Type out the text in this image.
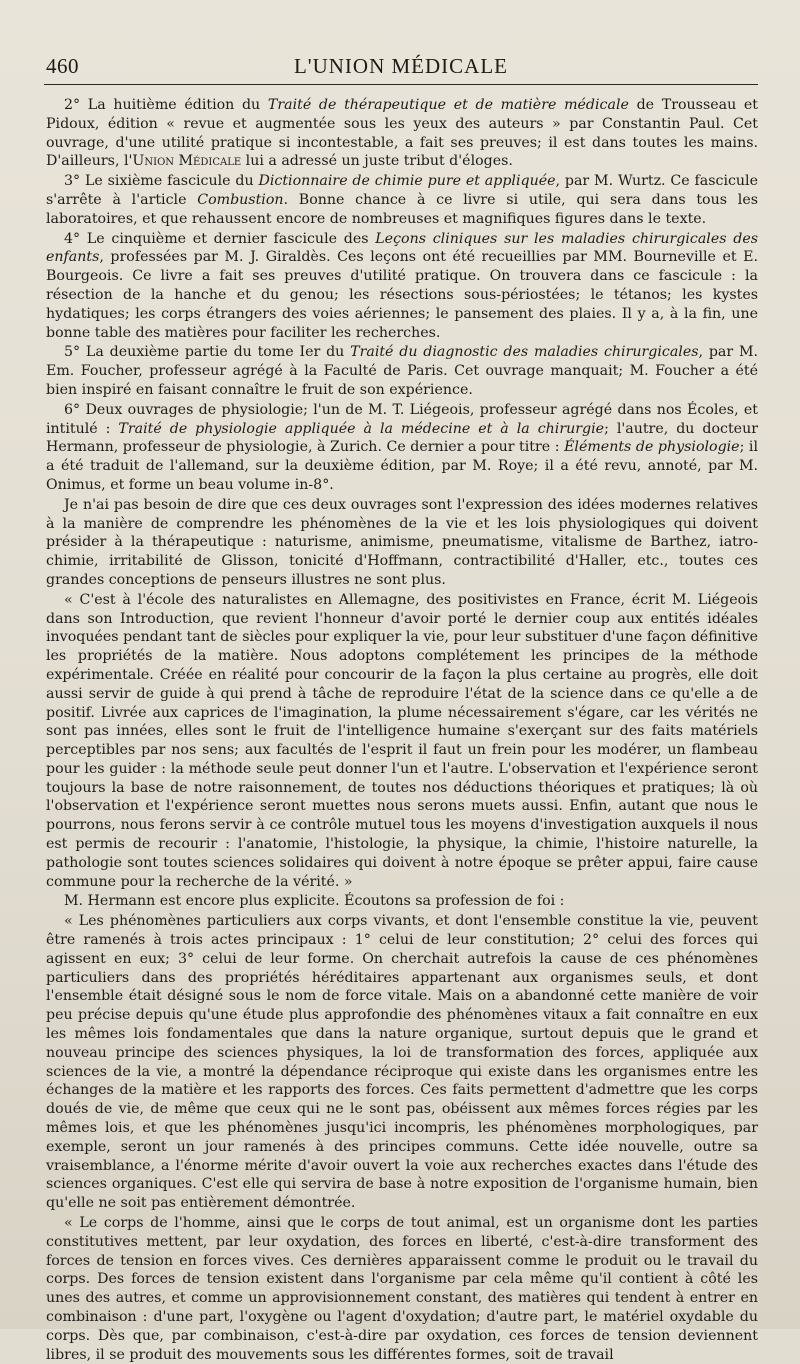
460	L'UNION MÉDICALE

2° La huitième édition du Traité de thérapeutique et de matière médicale de Trousseau et Pidoux, édition « revue et augmentée sous les yeux des auteurs » par Constantin Paul. Cet ouvrage, d'une utilité pratique si incontestable, a fait ses preuves; il est dans toutes les mains. D'ailleurs, l'Union Médicale lui a adressé un juste tribut d'éloges.

3° Le sixième fascicule du Dictionnaire de chimie pure et appliquée, par M. Wurtz. Ce fascicule s'arrête à l'article Combustion. Bonne chance à ce livre si utile, qui sera dans tous les laboratoires, et que rehaussent encore de nombreuses et magnifiques figures dans le texte.

4° Le cinquième et dernier fascicule des Leçons cliniques sur les maladies chirurgicales des enfants, professées par M. J. Giraldès. Ces leçons ont été recueillies par MM. Bourneville et E. Bourgeois. Ce livre a fait ses preuves d'utilité pratique. On trouvera dans ce fascicule : la résection de la hanche et du genou; les résections sous-périostées; le tétanos; les kystes hydatiques; les corps étrangers des voies aériennes; le pansement des plaies. Il y a, à la fin, une bonne table des matières pour faciliter les recherches.

5° La deuxième partie du tome Ier du Traité du diagnostic des maladies chirurgicales, par M. Em. Foucher, professeur agrégé à la Faculté de Paris. Cet ouvrage manquait; M. Foucher a été bien inspiré en faisant connaître le fruit de son expérience.

6° Deux ouvrages de physiologie; l'un de M. T. Liégeois, professeur agrégé dans nos Écoles, et intitulé : Traité de physiologie appliquée à la médecine et à la chirurgie; l'autre, du docteur Hermann, professeur de physiologie, à Zurich. Ce dernier a pour titre : Éléments de physiologie; il a été traduit de l'allemand, sur la deuxième édition, par M. Roye; il a été revu, annoté, par M. Onimus, et forme un beau volume in-8°.

Je n'ai pas besoin de dire que ces deux ouvrages sont l'expression des idées modernes relatives à la manière de comprendre les phénomènes de la vie et les lois physiologiques qui doivent présider à la thérapeutique : naturisme, animisme, pneumatisme, vitalisme de Barthez, iatro-chimie, irritabilité de Glisson, tonicité d'Hoffmann, contractibilité d'Haller, etc., toutes ces grandes conceptions de penseurs illustres ne sont plus.

« C'est à l'école des naturalistes en Allemagne, des positivistes en France, écrit M. Liégeois dans son Introduction, que revient l'honneur d'avoir porté le dernier coup aux entités idéales invoquées pendant tant de siècles pour expliquer la vie, pour leur substituer d'une façon définitive les propriétés de la matière. Nous adoptons complétement les principes de la méthode expérimentale. Créée en réalité pour concourir de la façon la plus certaine au progrès, elle doit aussi servir de guide à qui prend à tâche de reproduire l'état de la science dans ce qu'elle a de positif. Livrée aux caprices de l'imagination, la plume nécessairement s'égare, car les vérités ne sont pas innées, elles sont le fruit de l'intelligence humaine s'exerçant sur des faits matériels perceptibles par nos sens; aux facultés de l'esprit il faut un frein pour les modérer, un flambeau pour les guider : la méthode seule peut donner l'un et l'autre. L'observation et l'expérience seront toujours la base de notre raisonnement, de toutes nos déductions théoriques et pratiques; là où l'observation et l'expérience seront muettes nous serons muets aussi. Enfin, autant que nous le pourrons, nous ferons servir à ce contrôle mutuel tous les moyens d'investigation auxquels il nous est permis de recourir : l'anatomie, l'histologie, la physique, la chimie, l'histoire naturelle, la pathologie sont toutes sciences solidaires qui doivent à notre époque se prêter appui, faire cause commune pour la recherche de la vérité. »

M. Hermann est encore plus explicite. Écoutons sa profession de foi :

« Les phénomènes particuliers aux corps vivants, et dont l'ensemble constitue la vie, peuvent être ramenés à trois actes principaux : 1° celui de leur constitution; 2° celui des forces qui agissent en eux; 3° celui de leur forme. On cherchait autrefois la cause de ces phénomènes particuliers dans des propriétés héréditaires appartenant aux organismes seuls, et dont l'ensemble était désigné sous le nom de force vitale. Mais on a abandonné cette manière de voir peu précise depuis qu'une étude plus approfondie des phénomènes vitaux a fait connaître en eux les mêmes lois fondamentales que dans la nature organique, surtout depuis que le grand et nouveau principe des sciences physiques, la loi de transformation des forces, appliquée aux sciences de la vie, a montré la dépendance réciproque qui existe dans les organismes entre les échanges de la matière et les rapports des forces. Ces faits permettent d'admettre que les corps doués de vie, de même que ceux qui ne le sont pas, obéissent aux mêmes forces régies par les mêmes lois, et que les phénomènes jusqu'ici incompris, les phénomènes morphologiques, par exemple, seront un jour ramenés à des principes communs. Cette idée nouvelle, outre sa vraisemblance, a l'énorme mérite d'avoir ouvert la voie aux recherches exactes dans l'étude des sciences organiques. C'est elle qui servira de base à notre exposition de l'organisme humain, bien qu'elle ne soit pas entièrement démontrée.

« Le corps de l'homme, ainsi que le corps de tout animal, est un organisme dont les parties constitutives mettent, par leur oxydation, des forces en liberté, c'est-à-dire transforment des forces de tension en forces vives. Ces dernières apparaissent comme le produit ou le travail du corps. Des forces de tension existent dans l'organisme par cela même qu'il contient à côté les unes des autres, et comme un approvisionnement constant, des matières qui tendent à entrer en combinaison : d'une part, l'oxygène ou l'agent d'oxydation; d'autre part, le matériel oxydable du corps. Dès que, par combinaison, c'est-à-dire par oxydation, ces forces de tension deviennent libres, il se produit des mouvements sous les différentes formes, soit de travail
